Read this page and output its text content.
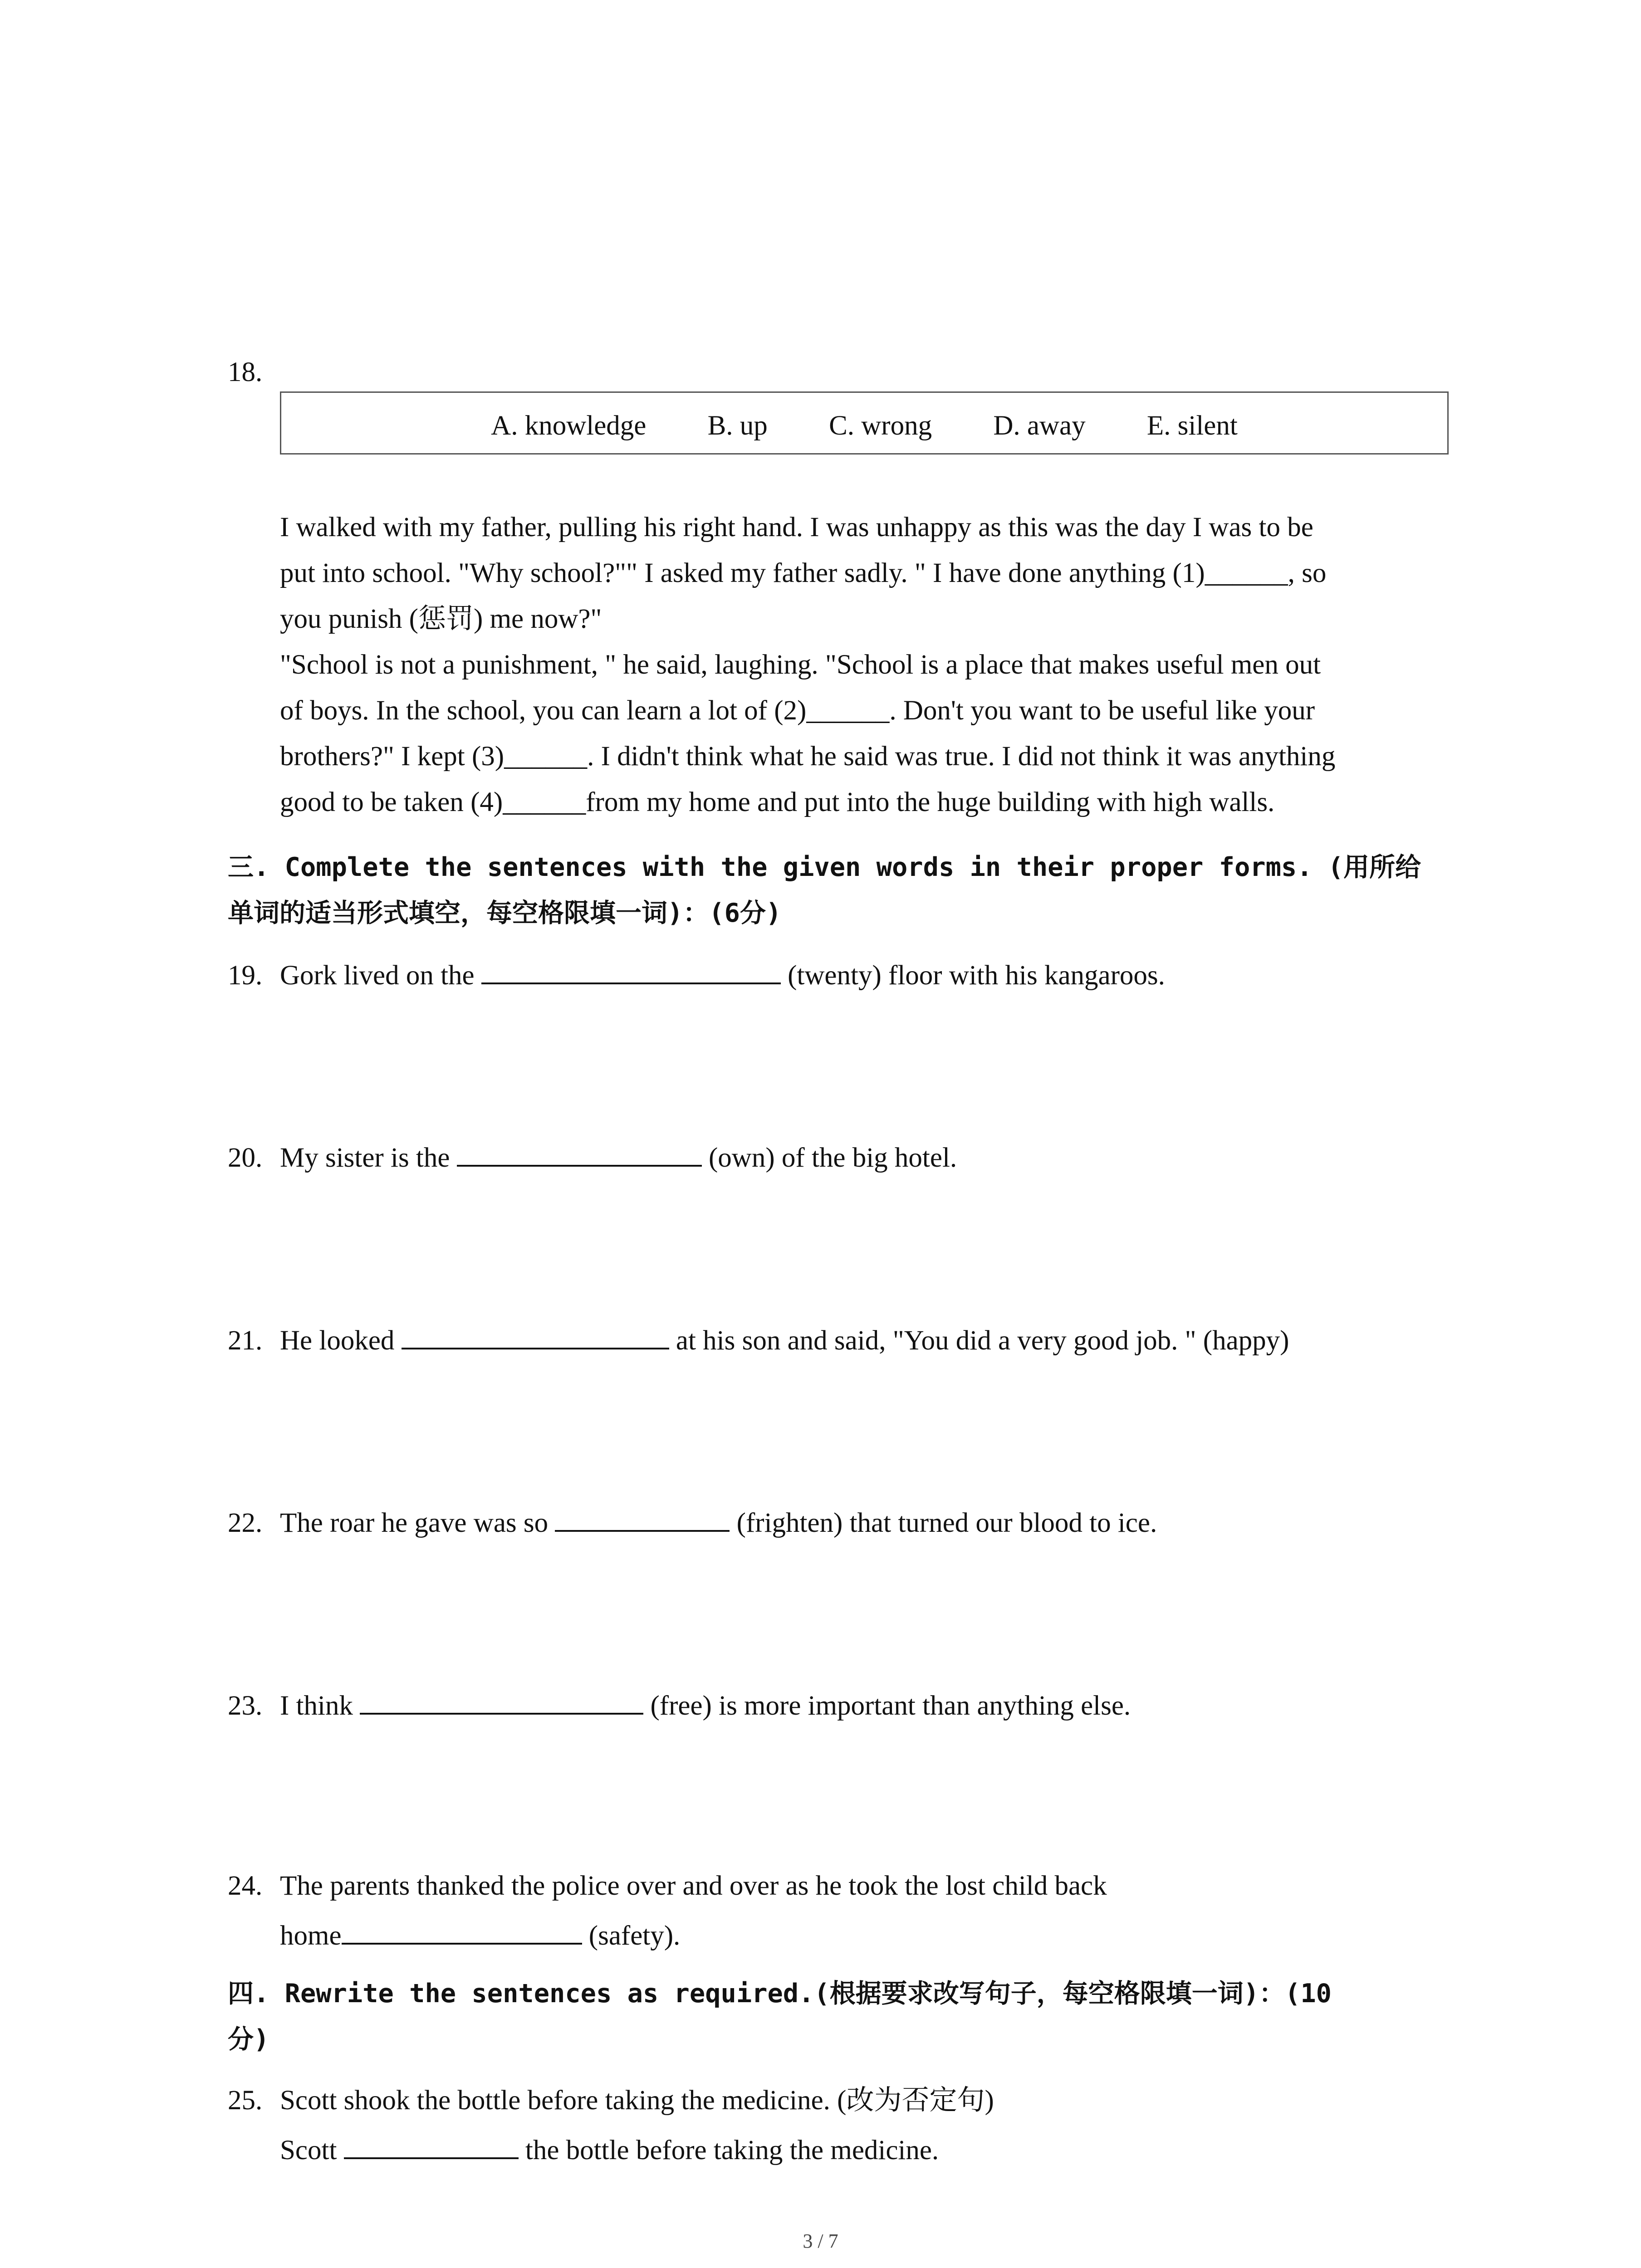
18.
A. knowledge B. up C. wrong D. away E. silent
I walked with my father, pulling his right hand. I was unhappy as this was the day I was to be
put into school. "Why school?"" I asked my father sadly. " I have done anything (1)______, so
you punish (惩罚) me now?"
"School is not a punishment, " he said, laughing. "School is a place that makes useful men out
of boys. In the school, you can learn a lot of (2)______. Don't you want to be useful like your
brothers?" I kept (3)______. I didn't think what he said was true. I did not think it was anything
good to be taken (4)______from my home and put into the huge building with high walls.
三. Complete the sentences with the given words in their proper forms. (用所给
单词的适当形式填空，每空格限填一词)：(6分)
19. Gork lived on the	(twenty) floor with his kangaroos.
20. My sister is the	(own) of the big hotel.
21. He looked	at his son and said, "You did a very good job. " (happy)
22. The roar he gave was so	(frighten) that turned our blood to ice.
23. I think	(free) is more important than anything else.
24. The parents thanked the police over and over as he took the lost child back
home	(safety).
四. Rewrite the sentences as required.(根据要求改写句子，每空格限填一词)：(10
分)
25. Scott shook the bottle before taking the medicine. (改为否定句)
Scott	the bottle before taking the medicine.
3 / 7
